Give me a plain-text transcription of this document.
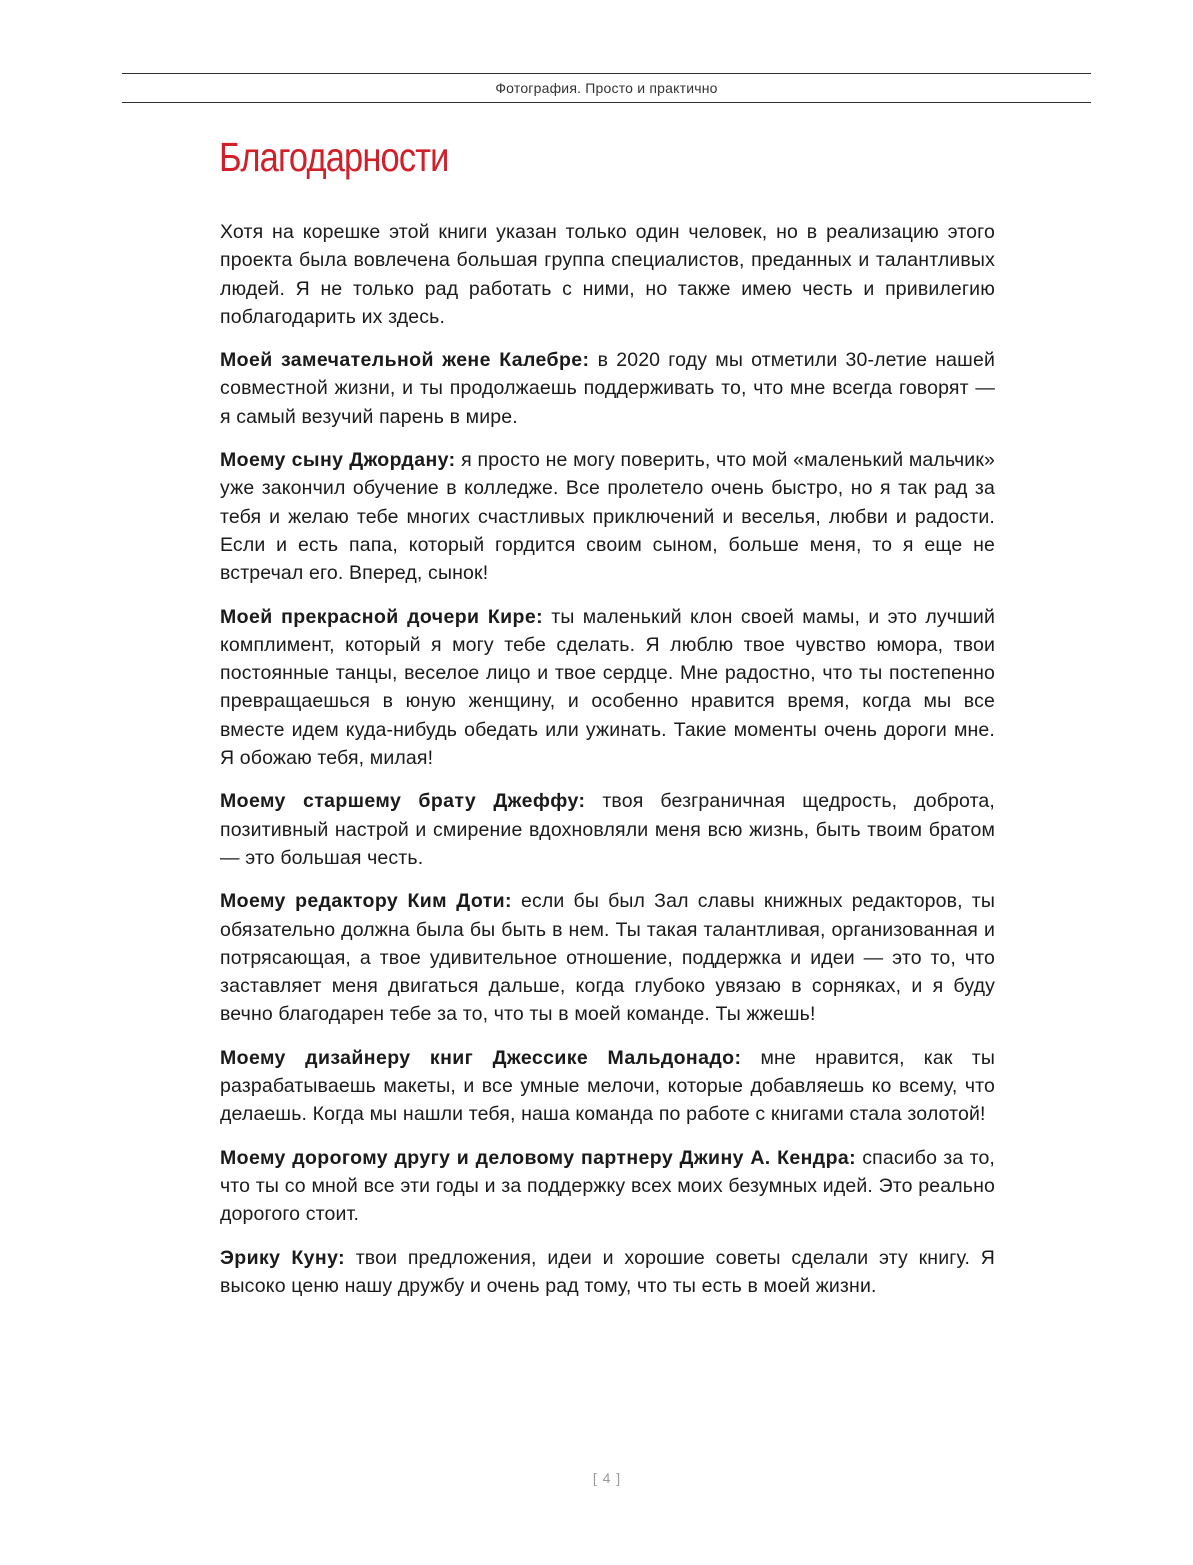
Фотография. Просто и практично
Благодарности

Хотя на корешке этой книги указан только один человек, но в реализацию этого проекта была вовлечена большая группа специалистов, преданных и талантливых людей. Я не только рад работать с ними, но также имею честь и привилегию поблагодарить их здесь.

Моей замечательной жене Калебре: в 2020 году мы отметили 30-летие нашей совместной жизни, и ты продолжаешь поддерживать то, что мне всегда говорят — я самый везучий парень в мире.

Моему сыну Джордану: я просто не могу поверить, что мой «маленький мальчик» уже закончил обучение в колледже. Все пролетело очень быстро, но я так рад за тебя и желаю тебе многих счастливых приключений и веселья, любви и радости. Если и есть папа, который гордится своим сыном, больше меня, то я еще не встречал его. Вперед, сынок!

Моей прекрасной дочери Кире: ты маленький клон своей мамы, и это лучший комплимент, который я могу тебе сделать. Я люблю твое чувство юмора, твои постоянные танцы, веселое лицо и твое сердце. Мне радостно, что ты постепенно превращаешься в юную женщину, и особенно нравится время, когда мы все вместе идем куда-нибудь обедать или ужинать. Такие моменты очень дороги мне. Я обожаю тебя, милая!

Моему старшему брату Джеффу: твоя безграничная щедрость, доброта, позитивный настрой и смирение вдохновляли меня всю жизнь, быть твоим братом — это большая честь.

Моему редактору Ким Доти: если бы был Зал славы книжных редакторов, ты обязательно должна была бы быть в нем. Ты такая талантливая, организованная и потрясающая, а твое удивительное отношение, поддержка и идеи — это то, что заставляет меня двигаться дальше, когда глубоко увязаю в сорняках, и я буду вечно благодарен тебе за то, что ты в моей команде. Ты жжешь!

Моему дизайнеру книг Джессике Мальдонадо: мне нравится, как ты разрабатываешь макеты, и все умные мелочи, которые добавляешь ко всему, что делаешь. Когда мы нашли тебя, наша команда по работе с книгами стала золотой!

Моему дорогому другу и деловому партнеру Джину А. Кендра: спасибо за то, что ты со мной все эти годы и за поддержку всех моих безумных идей. Это реально дорогого стоит.

Эрику Куну: твои предложения, идеи и хорошие советы сделали эту книгу. Я высоко ценю нашу дружбу и очень рад тому, что ты есть в моей жизни.

[ 4 ]
